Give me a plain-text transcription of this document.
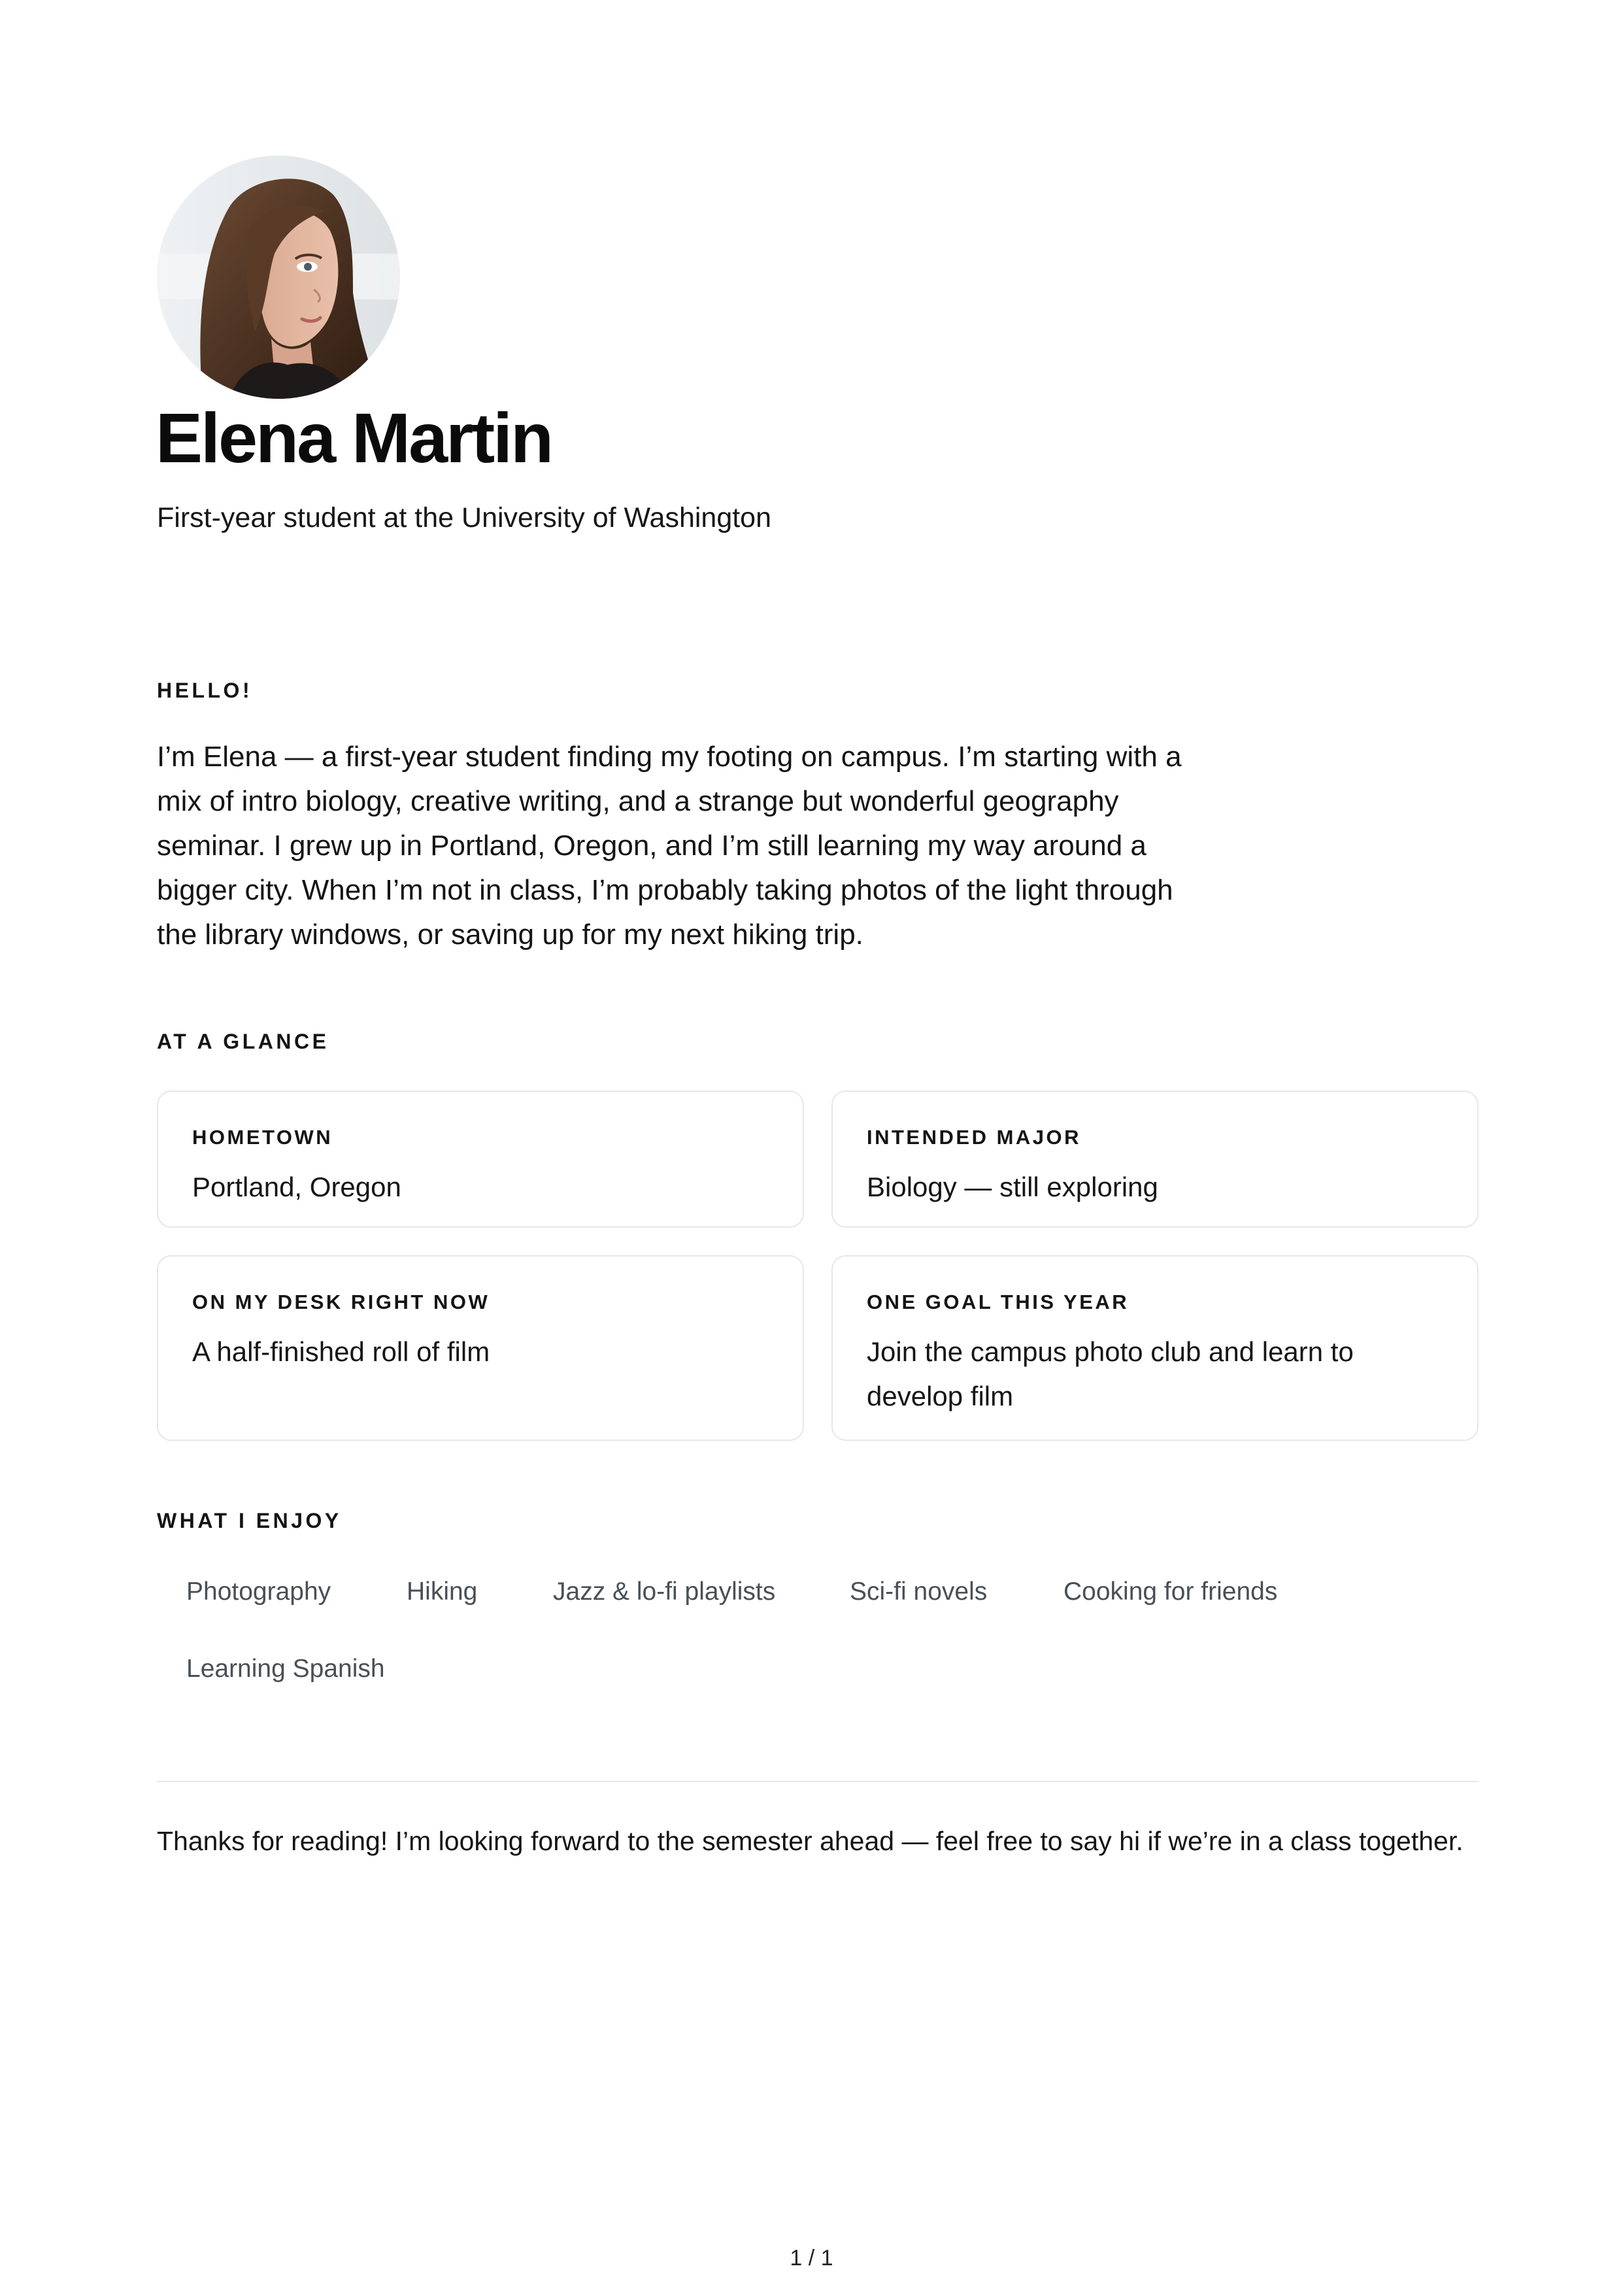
Elena Martin

First-year student at the University of Washington

HELLO!

I’m Elena — a first-year student finding my footing on campus. I’m starting with a mix of intro biology, creative writing, and a strange but wonderful geography seminar. I grew up in Portland, Oregon, and I’m still learning my way around a bigger city. When I’m not in class, I’m probably taking photos of the light through the library windows, or saving up for my next hiking trip.

AT A GLANCE
HOMETOWN
Portland, Oregon
INTENDED MAJOR
Biology — still exploring
ON MY DESK RIGHT NOW
A half-finished roll of film
ONE GOAL THIS YEAR
Join the campus photo club and learn to develop film
WHAT I ENJOY
Photography	Hiking	Jazz & lo-fi playlists	Sci-fi novels	Cooking for friends
Learning Spanish

Thanks for reading! I’m looking forward to the semester ahead — feel free to say hi if we’re in a class together.

1 / 1
